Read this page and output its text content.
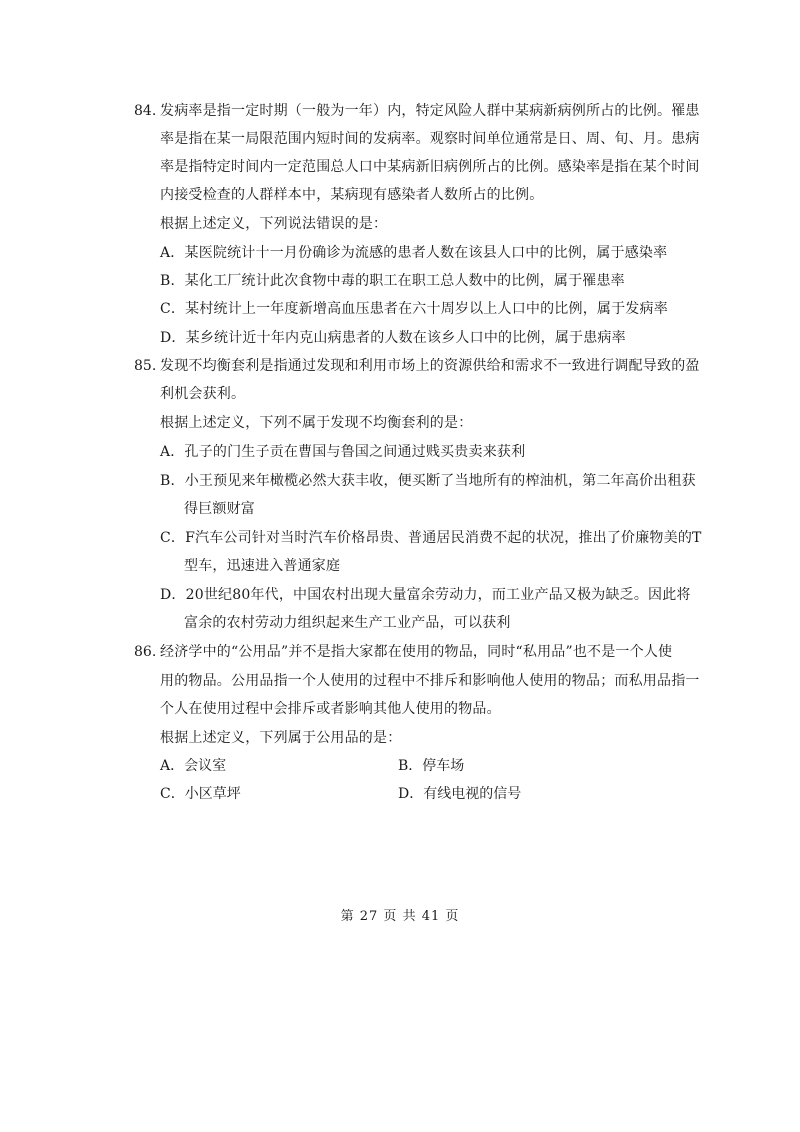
84. 发病率是指一定时期（一般为一年）内，特定风险人群中某病新病例所占的比例。罹患
率是指在某一局限范围内短时间的发病率。观察时间单位通常是日、周、旬、月。患病
率是指特定时间内一定范围总人口中某病新旧病例所占的比例。感染率是指在某个时间
内接受检查的人群样本中，某病现有感染者人数所占的比例。
根据上述定义，下列说法错误的是：
A．某医院统计十一月份确诊为流感的患者人数在该县人口中的比例，属于感染率
B．某化工厂统计此次食物中毒的职工在职工总人数中的比例，属于罹患率
C．某村统计上一年度新增高血压患者在六十周岁以上人口中的比例，属于发病率
D．某乡统计近十年内克山病患者的人数在该乡人口中的比例，属于患病率
85. 发现不均衡套利是指通过发现和利用市场上的资源供给和需求不一致进行调配导致的盈
利机会获利。
根据上述定义，下列不属于发现不均衡套利的是：
A．孔子的门生子贡在曹国与鲁国之间通过贱买贵卖来获利
B．小王预见来年橄榄必然大获丰收，便买断了当地所有的榨油机，第二年高价出租获
得巨额财富
C．F汽车公司针对当时汽车价格昂贵、普通居民消费不起的状况，推出了价廉物美的T
型车，迅速进入普通家庭
D．20世纪80年代，中国农村出现大量富余劳动力，而工业产品又极为缺乏。因此将
富余的农村劳动力组织起来生产工业产品，可以获利
86. 经济学中的“公用品”并不是指大家都在使用的物品，同时“私用品”也不是一个人使
用的物品。公用品指一个人使用的过程中不排斥和影响他人使用的物品；而私用品指一
个人在使用过程中会排斥或者影响其他人使用的物品。
根据上述定义，下列属于公用品的是：
A．会议室	B．停车场
C．小区草坪	D．有线电视的信号
第 27 页 共 41 页
